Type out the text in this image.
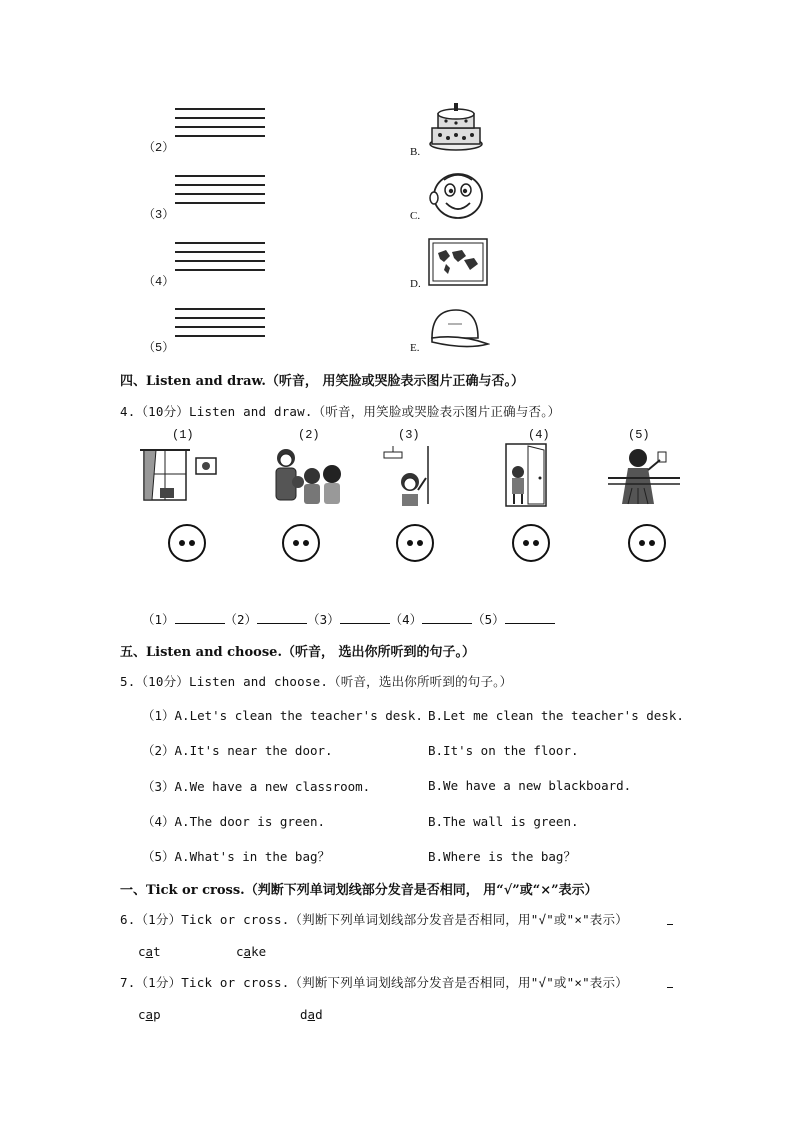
（2）	B.
（3）	C.
（4）	D.
（5）	E.
四、Listen and draw.（听音， 用笑脸或哭脸表示图片正确与否。）
4.（10分）Listen and draw.（听音，用笑脸或哭脸表示图片正确与否。）
(1)	(2)	(3)	(4)	(5)
（1）	（2）	（3）	（4）	（5）
五、Listen and choose.（听音， 选出你所听到的句子。）
5.（10分）Listen and choose.（听音，选出你所听到的句子。）
（1）A.Let's clean the teacher's desk. B.Let me clean the teacher's desk.
（2）A.It's near the door.	B.It's on the floor.
（3）A.We have a new classroom.	B.We have a new blackboard.
（4）A.The door is green.	B.The wall is green.
（5）A.What's in the bag？	B.Where is the bag？
一、Tick or cross.（判断下列单词划线部分发音是否相同， 用“√”或“×”表示）
6.（1分）Tick or cross.（判断下列单词划线部分发音是否相同，用"√"或"×"表示）
cat	cake
7.（1分）Tick or cross.（判断下列单词划线部分发音是否相同，用"√"或"×"表示）
cap	dad
